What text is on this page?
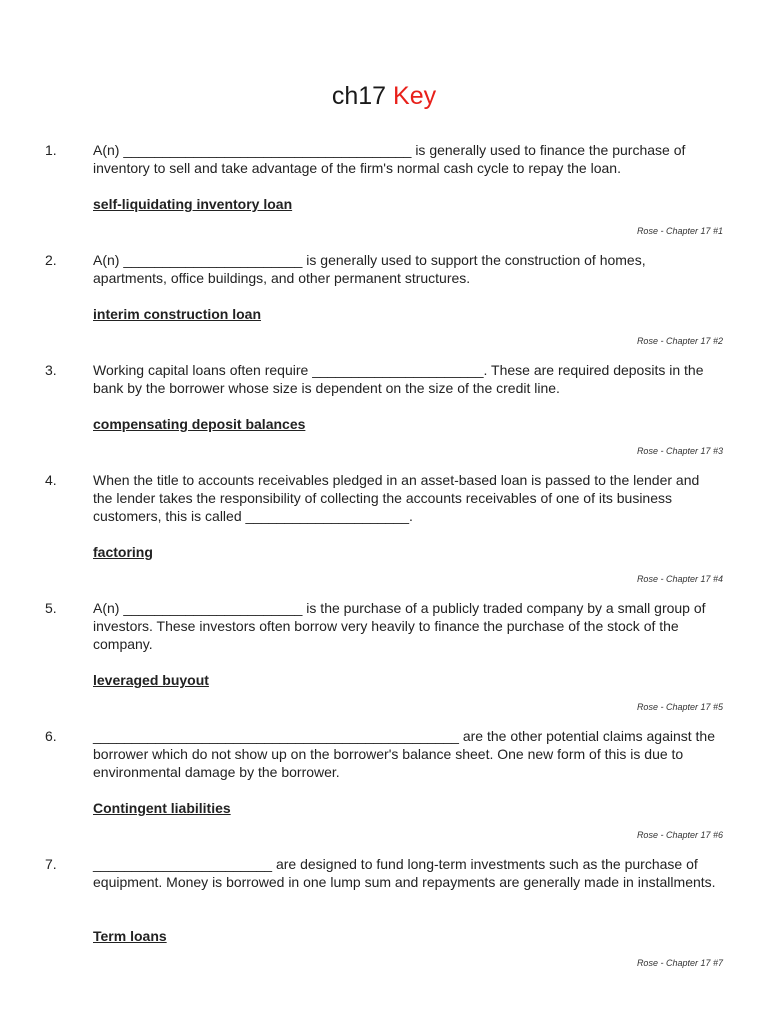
ch17 Key
1.	A(n) _____________________________________ is generally used to finance the purchase of inventory to sell and take advantage of the firm's normal cash cycle to repay the loan.
self-liquidating inventory loan
Rose - Chapter 17 #1
2.	A(n) _______________________ is generally used to support the construction of homes, apartments, office buildings, and other permanent structures.
interim construction loan
Rose - Chapter 17 #2
3.	Working capital loans often require ______________________. These are required deposits in the bank by the borrower whose size is dependent on the size of the credit line.
compensating deposit balances
Rose - Chapter 17 #3
4.	When the title to accounts receivables pledged in an asset-based loan is passed to the lender and the lender takes the responsibility of collecting the accounts receivables of one of its business customers, this is called _____________________.
factoring
Rose - Chapter 17 #4
5.	A(n) _______________________ is the purchase of a publicly traded company by a small group of investors. These investors often borrow very heavily to finance the purchase of the stock of the company.
leveraged buyout
Rose - Chapter 17 #5
6.	_______________________________________________ are the other potential claims against the borrower which do not show up on the borrower's balance sheet. One new form of this is due to environmental damage by the borrower.
Contingent liabilities
Rose - Chapter 17 #6
7.	_______________________ are designed to fund long-term investments such as the purchase of equipment. Money is borrowed in one lump sum and repayments are generally made in installments.
Term loans
Rose - Chapter 17 #7
